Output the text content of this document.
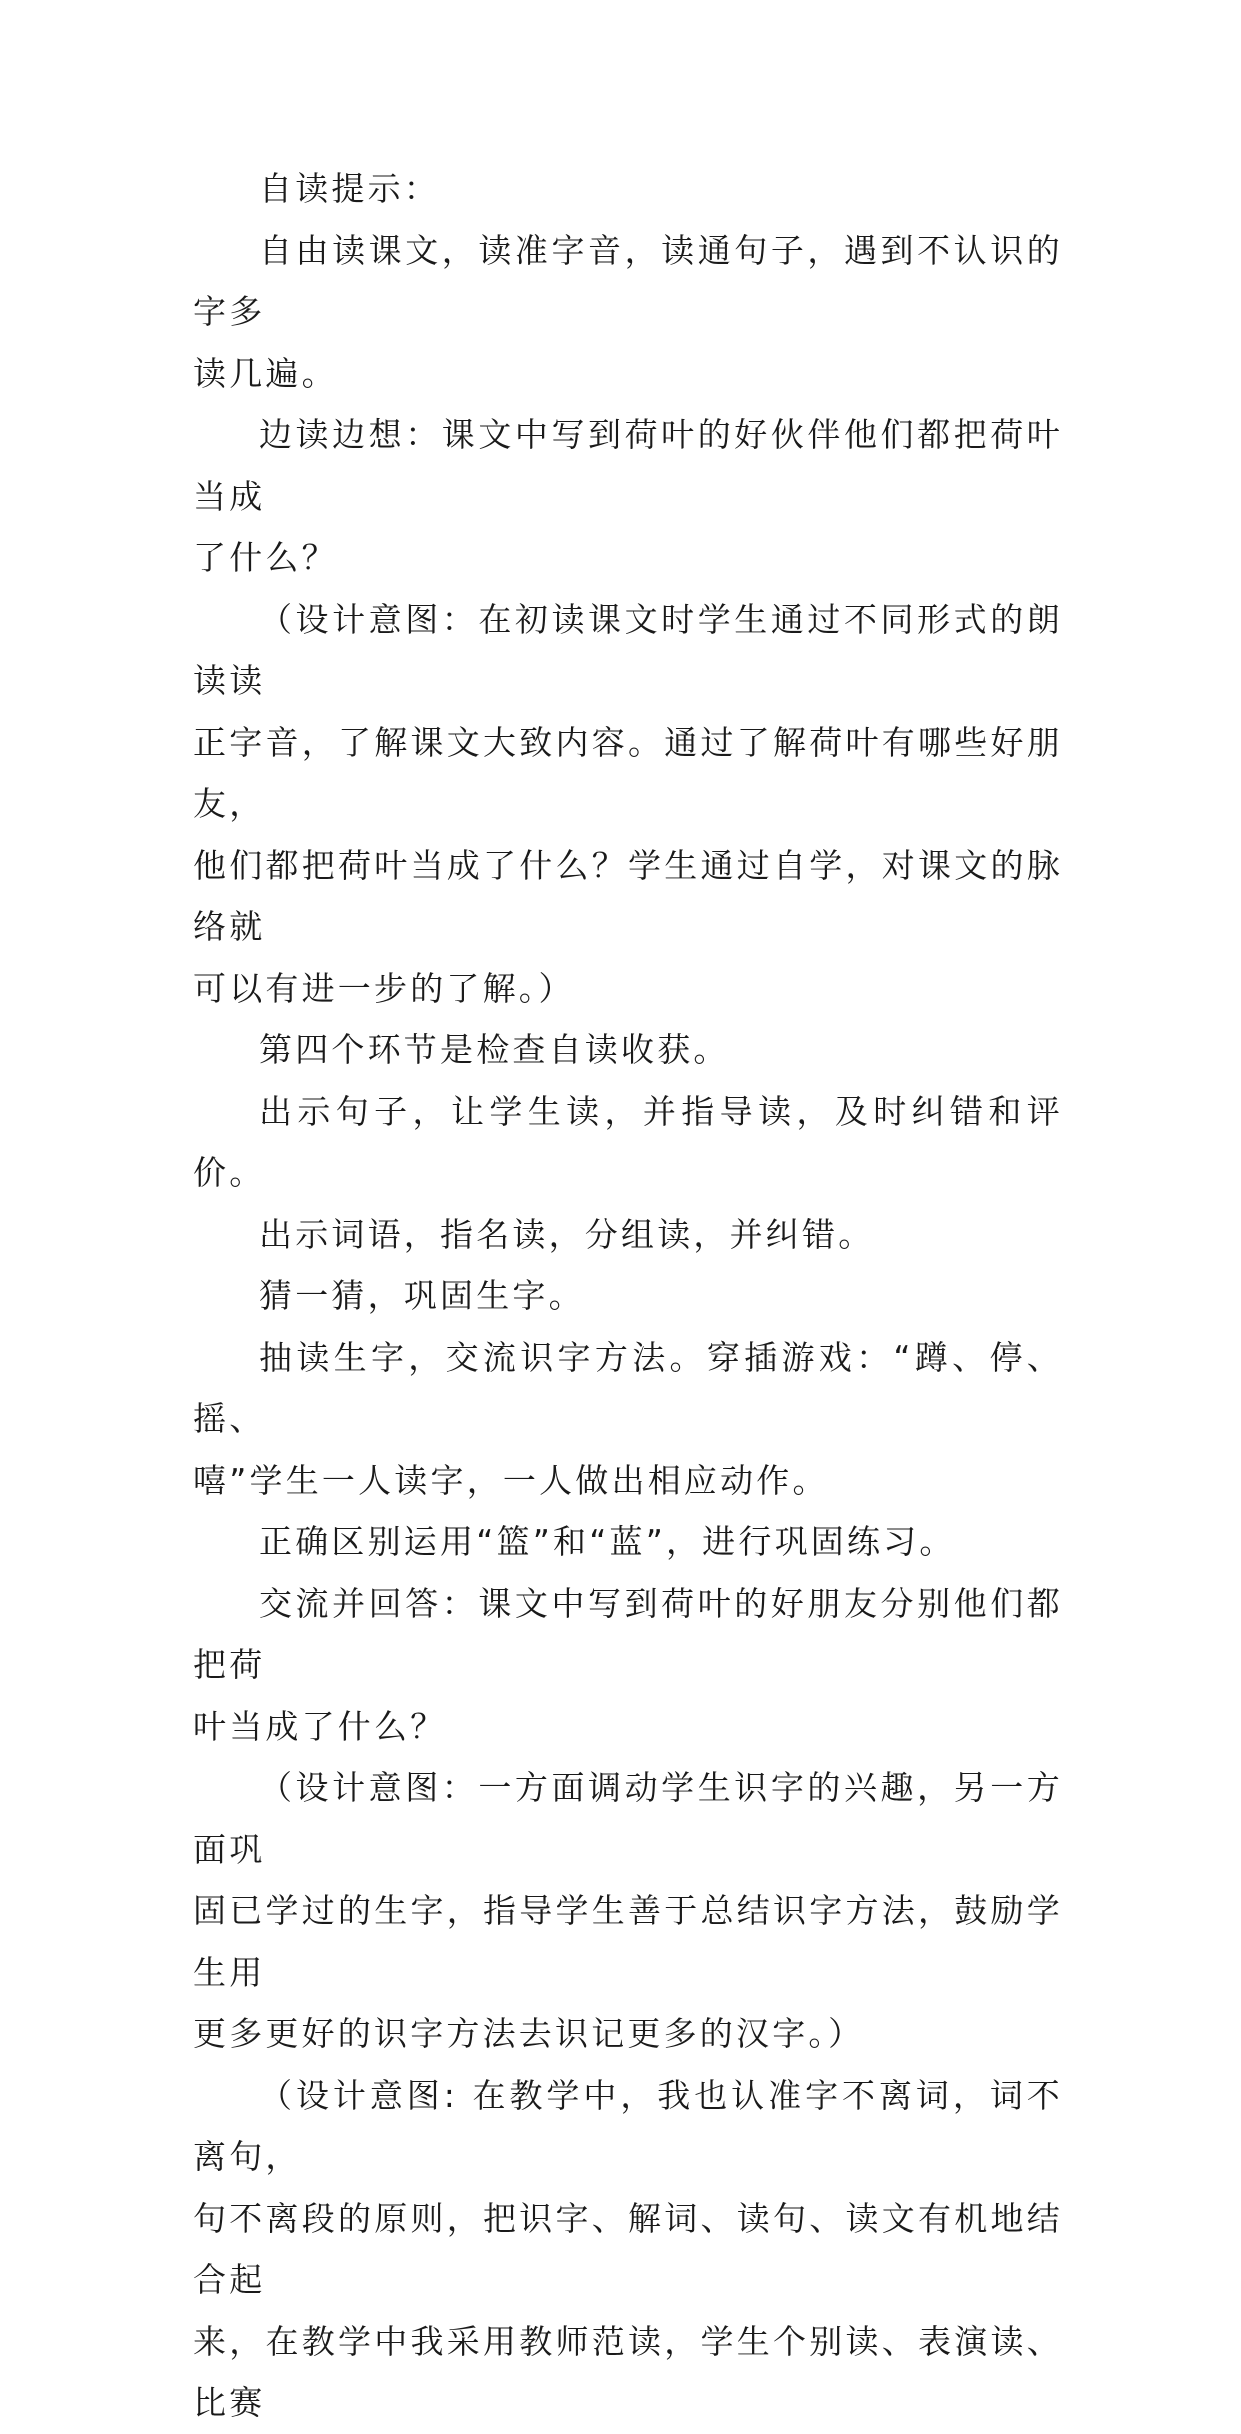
自读提示：

自由读课文，读准字音，读通句子，遇到不认识的字多
读几遍。

边读边想：课文中写到荷叶的好伙伴他们都把荷叶当成
了什么？

（设计意图：在初读课文时学生通过不同形式的朗读读
正字音，了解课文大致内容。通过了解荷叶有哪些好朋友，
他们都把荷叶当成了什么？学生通过自学，对课文的脉络就
可以有进一步的了解。）

第四个环节是检查自读收获。

出示句子，让学生读，并指导读，及时纠错和评价。

出示词语，指名读，分组读，并纠错。

猜一猜，巩固生字。

抽读生字，交流识字方法。穿插游戏：“蹲、停、摇、
嘻”学生一人读字，一人做出相应动作。

正确区别运用“篮”和“蓝”，进行巩固练习。

交流并回答：课文中写到荷叶的好朋友分别他们都把荷
叶当成了什么？

（设计意图：一方面调动学生识字的兴趣，另一方面巩
固已学过的生字，指导学生善于总结识字方法，鼓励学生用
更多更好的识字方法去识记更多的汉字。）

（设计意图: 在教学中，我也认准字不离词，词不离句，
句不离段的原则，把识字、解词、读句、读文有机地结合起
来，在教学中我采用教师范读，学生个别读、表演读、比赛
